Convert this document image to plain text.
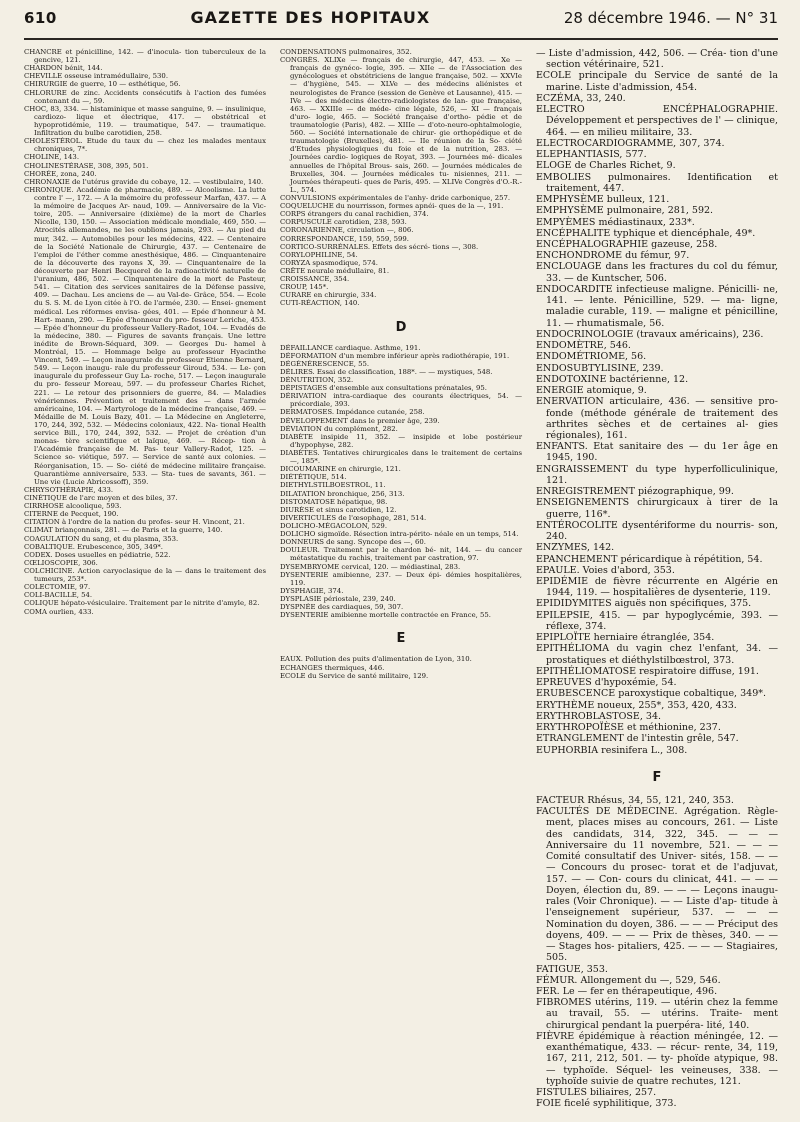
610	GAZETTE DES HOPITAUX	28 décembre 1946. — N° 31

CHANCRE et pénicilline, 142. — d'inocula- tion tuberculeux de la gencive, 121.

CHARDON bénit, 144.

CHEVILLE osseuse intramédullaire, 530.

CHIRURGIE de guerre, 10 — esthétique, 56.

CHLORURE de zinc. Accidents consécutifs à l'action des fumées contenant du —, 59.

CHOC, 83, 334. — histaminique et masse sanguine, 9. — insulinique, cardiozo- lique et électrique, 417. — obstétrical et hypoprotidémie, 119. — traumatique, 547. — traumatique. Infiltration du bulbe carotidien, 258.

CHOLESTÉROL. Etude du taux du — chez les malades mentaux chroniques, 7*.

CHOLINE, 143.

CHOLINESTÉRASE, 308, 395, 501.

CHORÉE, zona, 240.

CHRONAXIE de l'utérus gravide du cobaye, 12. — vestibulaire, 140.

CHRONIQUE. Académie de pharmacie, 489. — Alcoolisme. La lutte contre l' —, 172. — A la mémoire du professeur Marfan, 437. — A la mémoire de Jacques Ar- naud, 109. — Anniversaire de la Vic- toire, 205. — Anniversaire (dixième) de la mort de Charles Nicolle, 130, 150. — Association médicale mondiale, 469, 550. — Atrocités allemandes, ne les oublions jamais, 293. — Au pied du mur, 342. — Automobiles pour les médecins, 422. — Centenaire de la Société Nationale de Chirurgie, 437. — Centenaire de l'emploi de l'éther comme anesthésique, 486. — Cinquantenaire de la découverte des rayons X, 39. — Cinquantenaire de la découverte par Henri Becquerel de la radioactivité naturelle de l'uranium, 486, 502. — Cinquantenaire de la mort de Pasteur, 541. — Citation des services sanitaires de la Défense passive, 409. — Dachau. Les anciens de — au Val-de- Grâce, 554. — Ecole du S. S. M. de Lyon citée à l'O. de l'armée, 230. — Ensei- gnement médical. Les réformes envisa- gées, 401. — Epée d'honneur à M. Hart- mann, 290. — Epée d'honneur du pro- fesseur Leriche, 453. — Epée d'honneur du professeur Vallery-Radot, 104. — Evadés de la médecine, 380. — Figures de savants français. Une lettre inédite de Brown-Séquard, 309. — Georges Du- hamel à Montréal, 15. — Hommage belge au professeur Hyacinthe Vincent, 549. — Leçon inaugurale du professeur Etienne Bernard, 549. — Leçon inaugu- rale du professeur Giroud, 534. — Le- çon inaugurale du professeur Guy La- roche, 517. — Leçon inaugurale du pro- fesseur Moreau, 597. — du professeur Charles Richet, 221. — Le retour des prisonniers de guerre, 84. — Maladies vénériennes. Prévention et traitement des — dans l'armée américaine, 104. — Martyrologe de la médecine française, 469. — Médaille de M. Louis Bazy, 401. — La Médecine en Angleterre, 170, 244, 392, 532. — Médecins coloniaux, 422. Na- tional Health service Bill., 170, 244, 392, 532. — Projet de création d'un monas- tère scientifique et laïque, 469. — Récep- tion à l'Académie française de M. Pas- teur Vallery-Radot, 125. — Science so- viétique, 597. — Service de santé aux colonies. — Réorganisation, 15. — So- ciété de médecine militaire française. Quarantième anniversaire, 533. — Sta- tues de savants, 361. — Une vie (Lucie Abricossoff), 359.

CHRYSOTHÉRAPIE, 433.

CINÉTIQUE de l'arc moyen et des biles, 37.

CIRRHOSE alcoolique, 593.

CITERNE de Pecquet, 190.

CITATION à l'ordre de la nation du profes- seur H. Vincent, 21.

CLIMAT briançonnais, 281. — de Paris et la guerre, 140.

COAGULATION du sang, et du plasma, 353.

COBALTIQUE. Erubescence, 305, 349*.

CODEX. Doses usuelles en pédiatrie, 522.

CŒLIOSCOPIE, 306.

COLCHICINE. Action caryoclasique de la — dans le traitement des tumeurs, 253*.

COLECTOMIE, 97.

COLI-BACILLE, 54.

COLIQUE hépato-vésiculaire. Traitement par le nitrite d'amyle, 82.

COMA ourlien, 433.

CONDENSATIONS pulmonaires, 352.

CONGRÈS. XLIXe — français de chirurgie, 447, 453. — Xe — français de gynéco- logie, 395. — XIIe — de l'Association des gynécologues et obstétriciens de langue française, 502. — XXVIe — d'hygiène, 545. — XLVe — des médecins aliénistes et neurologistes de France (session de Genève et Lausanne), 415. — IVe — des médecins électro-radiologistes de lan- gue française, 463. — XXIIIe — de méde- cine légale, 526, — XI — français d'uro- logie, 465. — Société française d'ortho- pédie et de traumatologie (Paris), 482. — XIIIe — d'oto-neuro-ophtalmologie, 560. — Société internationale de chirur- gie orthopédique et de traumatologie (Bruxelles), 481. — IIe réunion de la So- ciété d'Etudes physiologiques du foie et de la nutrition, 283. — Journées cardio- logiques de Royat, 393. — Journées mé- dicales annuelles de l'hôpital Brous- sais, 260. — Journées médicales de Bruxelles, 304. — Journées médicales tu- nisiennes, 211. — Journées thérapeuti- ques de Paris, 495. — XLIVe Congrès d'O.-R.-L., 574.

CONVULSIONS expérimentales de l'anhy- dride carbonique, 257.

COQUELUCHE du nourrisson, formes apnéi- ques de la —, 191.

CORPS étrangers du canal rachidien, 374.

CORPUSCULE carotidien, 238, 593.

CORONARIENNE, circulation —, 806.

CORRESPONDANCE, 159, 559, 599.

CORTICO-SURRÉNALES. Effets des sécré- tions —, 308.

CORYLOPHILINE, 54.

CORYZA spasmodique, 574.

CRÊTE neurale médullaire, 81.

CROISSANCE, 354.

CROUP, 145*.

CURARE en chirurgie, 334.

CUTI-RÉACTION, 140.

D

DÉFAILLANCE cardiaque. Asthme, 191.

DÉFORMATION d'un membre inférieur après radiothérapie, 191.

DÉGÉNÉRESCENCE, 55.

DÉLIRES. Essai de classification, 188*. — — mystiques, 548.

DÉNUTRITION, 352.

DÉPISTAGES d'ensemble aux consultations prénatales, 95.

DÉRIVATION intra-cardiaque des courants électriques, 54. — précordiale, 393.

DERMATOSES. Impédance cutanée, 258.

DÉVELOPPEMENT dans le premier âge, 239.

DÉVIATION du complément, 282.

DIABÈTE insipide 11, 352. — insipide et lobe postérieur d'hypophyse, 282.

DIABÈTES. Tentatives chirurgicales dans le traitement de certains —, 185*.

DICOUMARINE en chirurgie, 121.

DIÉTÉTIQUE, 514.

DIETHYLSTILBOESTROL, 11.

DILATATION bronchique, 256, 313.

DISTOMATOSE hépatique, 98.

DIURÈSE et sinus carotidien, 12.

DIVERTICULES de l'œsophage, 281, 514.

DOLICHO-MÉGACOLON, 529.

DOLICHO sigmoïde. Résection intra-périto- néale en un temps, 514.

DONNEURS de sang. Syncope des —, 60.

DOULEUR. Traitement par le chardon bé- nit, 144. — du cancer métastatique du rachis, traitement par castration, 97.

DYSEMBRYOME cervical, 120. — médiastinal, 283.

DYSENTERIE amibienne, 237. — Deux épi- démies hospitalières, 119.

DYSPHAGIE, 374.

DYSPLASIE périostale, 239, 240.

DYSPNÉE des cardiaques, 59, 307.

DYSENTERIE amibienne mortelle contractée en France, 55.

E

EAUX. Pollution des puits d'alimentation de Lyon, 310.

ECHANGES thermiques, 446.

ECOLE du Service de santé militaire, 129.

— Liste d'admission, 442, 506. — Créa- tion d'une section vétérinaire, 521.

ECOLE principale du Service de santé de la marine. Liste d'admission, 454.

ECZÉMA, 33, 240.

ELECTRO ENCÉPHALOGRAPHIE. Développement et perspectives de l' — clinique, 464. — en milieu militaire, 33.

ELECTROCARDIOGRAMME, 307, 374.

ELEPHANTIASIS, 577.

ELOGE de Charles Richet, 9.

EMBOLIES pulmonaires. Identification et traitement, 447.

EMPHYSÈME bulleux, 121.

EMPHYSÈME pulmonaire, 281, 592.

EMPYÈMES médiastinaux, 233*.

ENCÉPHALITE typhique et diencéphale, 49*.

ENCÉPHALOGRAPHIE gazeuse, 258.

ENCHONDROME du fémur, 97.

ENCLOUAGE dans les fractures du col du fémur, 33. — de Kuntscher, 506.

ENDOCARDITE infectieuse maligne. Pénicilli- ne, 141. — lente. Pénicilline, 529. — ma- ligne, maladie curable, 119. — maligne et pénicilline, 11. — rhumatismale, 56.

ENDOCRINOLOGIE (travaux américains), 236.

ENDOMÈTRE, 546.

ENDOMÉTRIOME, 56.

ENDOSUBTYLISINE, 239.

ENDOTOXINE bactérienne, 12.

ENERGIE atomique, 9.

ENERVATION articulaire, 436. — sensitive pro- fonde (méthode générale de traitement des arthrites sèches et de certaines al- gies régionales), 161.

ENFANTS. Etat sanitaire des — du 1er âge en 1945, 190.

ENGRAISSEMENT du type hyperfolliculinique, 121.

ENREGISTREMENT piézographique, 99.

ENSEIGNEMENTS chirurgicaux à tirer de la guerre, 116*.

ENTÉROCOLITE dysentériforme du nourris- son, 240.

ENZYMES, 142.

EPANCHEMENT péricardique à répétition, 54.

EPAULE. Voies d'abord, 353.

EPIDÉMIE de fièvre récurrente en Algérie en 1944, 119. — hospitalières de dysenterie, 119.

EPIDIDYMITES aiguës non spécifiques, 375.

EPILEPSIE, 415. — par hypoglycémie, 393. — réflexe, 374.

EPIPLOÏTE herniaire étranglée, 354.

EPITHÉLIOMA du vagin chez l'enfant, 34. — prostatiques et diéthylstilbœstrol, 373.

EPITHÉLIOMATOSE respiratoire diffuse, 191.

EPREUVES d'hypoxémie, 54.

ERUBESCENCE paroxystique cobaltique, 349*.

ERYTHÈME noueux, 255*, 353, 420, 433.

ERYTHROBLASTOSE, 34.

ERYTHROPOÏÈSE et méthionine, 237.

ETRANGLEMENT de l'intestin grêle, 547.

EUPHORBIA resinifera L., 308.

F

FACTEUR Rhésus, 34, 55, 121, 240, 353.

FACULTÉS DE MÉDECINE. Agrégation. Règle- ment, places mises au concours, 261. — Liste des candidats, 314, 322, 345. — — — Anniversaire du 11 novembre, 521. — — — Comité consultatif des Univer- sités, 158. — — — Concours du prosec- torat et de l'adjuvat, 157. — — Con- cours du clinicat, 441. — — — Doyen, élection du, 89. — — — Leçons inaugu- rales (Voir Chronique). — — Liste d'ap- titude à l'enseignement supérieur, 537. — — — Nomination du doyen, 386. — — — Préciput des doyens, 409. — — — Prix de thèses, 340. — — — Stages hos- pitaliers, 425. — — — Stagiaires, 505.

FATIGUE, 353.

FÉMUR. Allongement du —, 529, 546.

FER. Le — fer en thérapeutique, 496.

FIBROMES utérins, 119. — utérin chez la femme au travail, 55. — utérins. Traite- ment chirurgical pendant la puerpéra- lité, 140.

FIÈVRE épidémique à réaction méningée, 12. — exanthématique, 433. — récur- rente, 34, 119, 167, 211, 212, 501. — ty- phoïde atypique, 98. — typhoïde. Séquel- les veineuses, 338. — typhoïde suivie de quatre rechutes, 121.

FISTULES biliaires, 257.

FOIE ficelé syphilitique, 373.
